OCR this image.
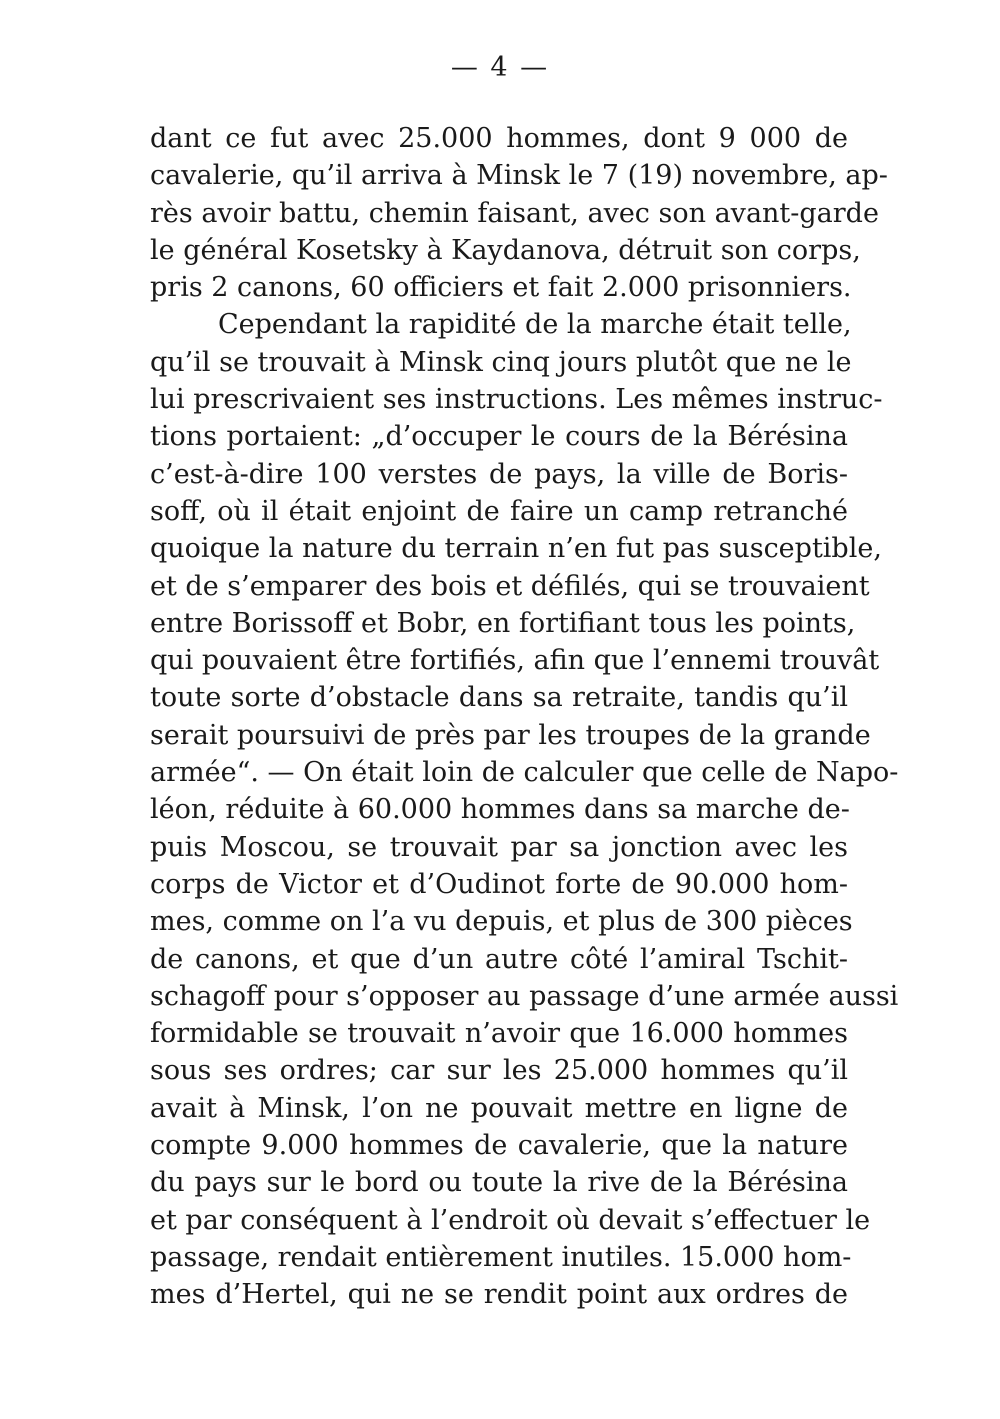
— 4 —
dant ce fut avec 25.000 hommes, dont 9 000 de
cavalerie, qu’il arriva à Minsk le 7 (19) novembre, ap-
rès avoir battu, chemin faisant, avec son avant-garde
le général Kosetsky à Kaydanova, détruit son corps,
pris 2 canons, 60 officiers et fait 2.000 prisonniers.
Cependant la rapidité de la marche était telle,
qu’il se trouvait à Minsk cinq jours plutôt que ne le
lui prescrivaient ses instructions. Les mêmes instruc-
tions portaient: „d’occuper le cours de la Bérésina
c’est-à-dire 100 verstes de pays, la ville de Boris-
soff, où il était enjoint de faire un camp retranché
quoique la nature du terrain n’en fut pas susceptible,
et de s’emparer des bois et défilés, qui se trouvaient
entre Borissoff et Bobr, en fortifiant tous les points,
qui pouvaient être fortifiés, afin que l’ennemi trouvât
toute sorte d’obstacle dans sa retraite, tandis qu’il
serait poursuivi de près par les troupes de la grande
armée“. — On était loin de calculer que celle de Napo-
léon, réduite à 60.000 hommes dans sa marche de-
puis Moscou, se trouvait par sa jonction avec les
corps de Victor et d’Oudinot forte de 90.000 hom-
mes, comme on l’a vu depuis, et plus de 300 pièces
de canons, et que d’un autre côté l’amiral Tschit-
schagoff pour s’opposer au passage d’une armée aussi
formidable se trouvait n’avoir que 16.000 hommes
sous ses ordres; car sur les 25.000 hommes qu’il
avait à Minsk, l’on ne pouvait mettre en ligne de
compte 9.000 hommes de cavalerie, que la nature
du pays sur le bord ou toute la rive de la Bérésina
et par conséquent à l’endroit où devait s’effectuer le
passage, rendait entièrement inutiles. 15.000 hom-
mes d’Hertel, qui ne se rendit point aux ordres de
